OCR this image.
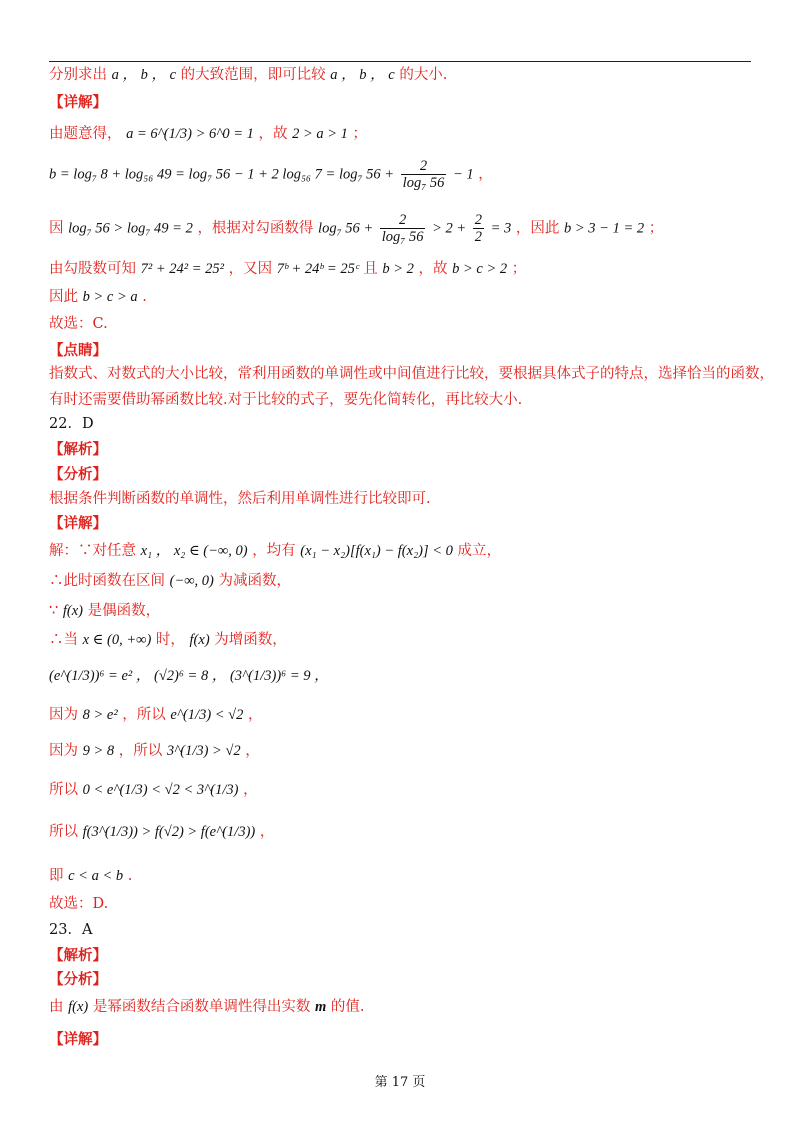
分别求出 a ， b ， c 的大致范围，即可比较 a ， b ， c 的大小.
【详解】
由题意得， a = 6^(1/3) > 6^0 = 1 ，故 2 > a > 1 ；
b = log₇ 8 + log₅₆ 49 = log₇ 56 − 1 + 2 log₅₆ 7 = log₇ $56 + \frac{2}{\text{log₇ 56}} - 1$ ，
因 log₇ 56 > log₇ 49 = 2 ，根据对勾函数得 log₇ $56 + \frac{2}{\text{log₇ 56}} > 2 + \frac{2}{2} = 3$ ，因此 b > 3 − 1 = 2 ；
由勾股数可知 7² + 24² = 25² ，又因 7ᵇ + 24ᵇ = 25ᶜ 且 b > 2 ，故 b > c > 2 ；
因此 b > c > a .
故选：C.
【点睛】
指数式、对数式的大小比较，常利用函数的单调性或中间值进行比较，要根据具体式子的特点，选择恰当的函数，
有时还需要借助幂函数比较.对于比较的式子，要先化简转化，再比较大小.
22．D
【解析】
【分析】
根据条件判断函数的单调性，然后利用单调性进行比较即可.
【详解】
解：∵对任意 x₁ ， x₂ ∈ (−∞, 0) ，均有 (x₁ − x₂)[f(x₁) − f(x₂)] < 0 成立，
∴此时函数在区间 (−∞, 0) 为减函数，
∵ f(x) 是偶函数，
∴当 x ∈ (0, +∞) 时， f(x) 为增函数，
(e^(1/3))⁶ = e² ， (√2)⁶ = 8 ， (3^(1/3))⁶ = 9 ，
因为 8 > e² ，所以 e^(1/3) < √2 ，
因为 9 > 8 ，所以 3^(1/3) > √2 ，
所以 0 < e^(1/3) < √2 < 3^(1/3) ，
所以 f(3^(1/3)) > f(√2) > f(e^(1/3)) ，
即 c < a < b .
故选：D.
23．A
【解析】
【分析】
由 f(x) 是幂函数结合函数单调性得出实数 m 的值.
【详解】
第 17 页
